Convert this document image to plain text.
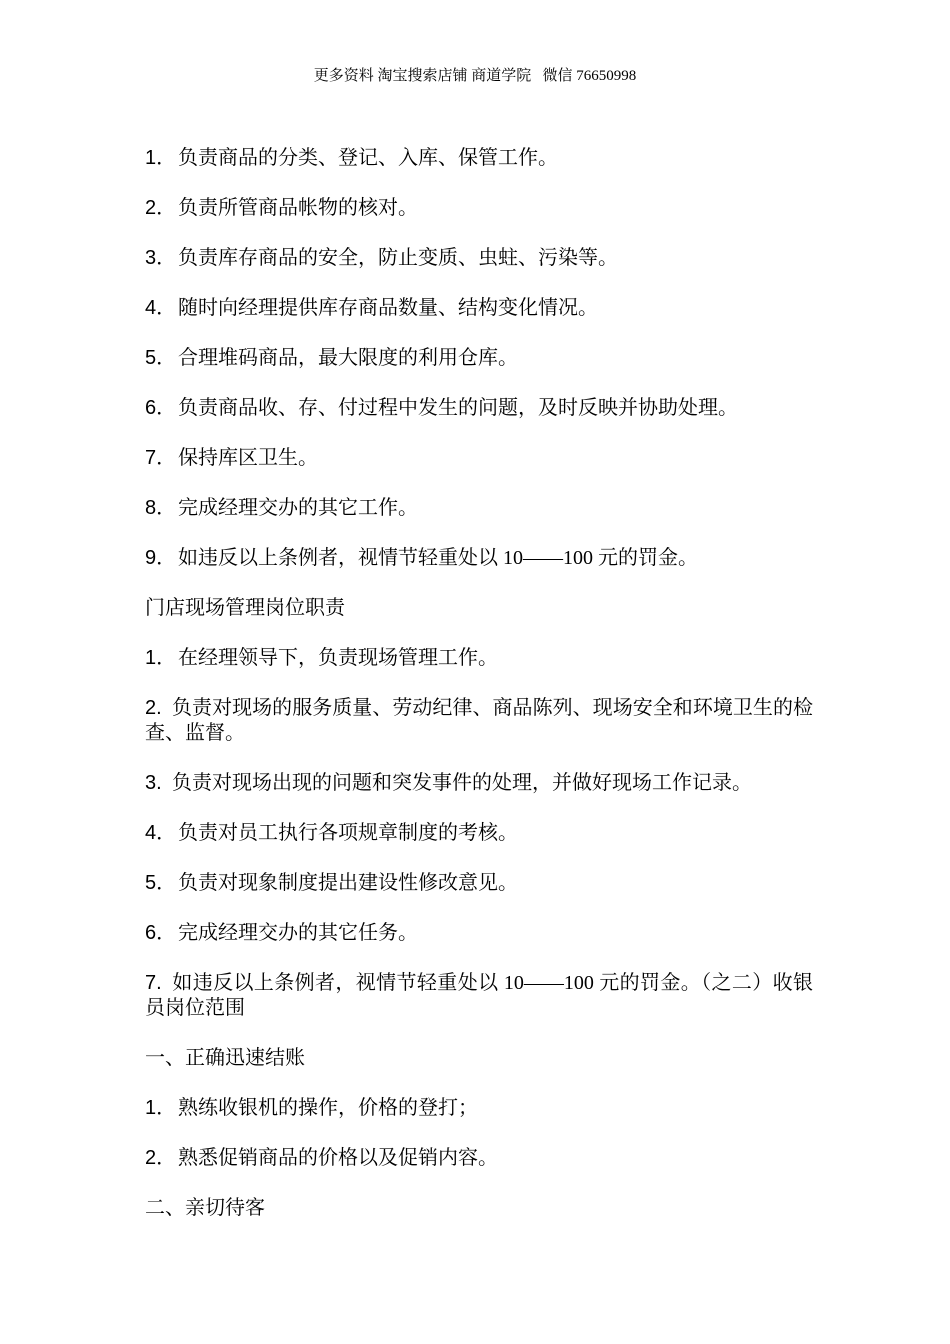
更多资料 淘宝搜索店铺 商道学院   微信 76650998

1．负责商品的分类、登记、入库、保管工作。

2．负责所管商品帐物的核对。

3．负责库存商品的安全，防止变质、虫蛀、污染等。

4．随时向经理提供库存商品数量、结构变化情况。

5．合理堆码商品，最大限度的利用仓库。

6．负责商品收、存、付过程中发生的问题，及时反映并协助处理。

7．保持库区卫生。

8．完成经理交办的其它工作。

9．如违反以上条例者，视情节轻重处以 10——100 元的罚金。

门店现场管理岗位职责

1．在经理领导下，负责现场管理工作。

2. 负责对现场的服务质量、劳动纪律、商品陈列、现场安全和环境卫生的检查、监督。

3. 负责对现场出现的问题和突发事件的处理，并做好现场工作记录。

4．负责对员工执行各项规章制度的考核。

5．负责对现象制度提出建设性修改意见。

6．完成经理交办的其它任务。

7. 如违反以上条例者，视情节轻重处以 10——100 元的罚金。（之二）收银员岗位范围

一、正确迅速结账

1．熟练收银机的操作，价格的登打；

2．熟悉促销商品的价格以及促销内容。

二、亲切待客
